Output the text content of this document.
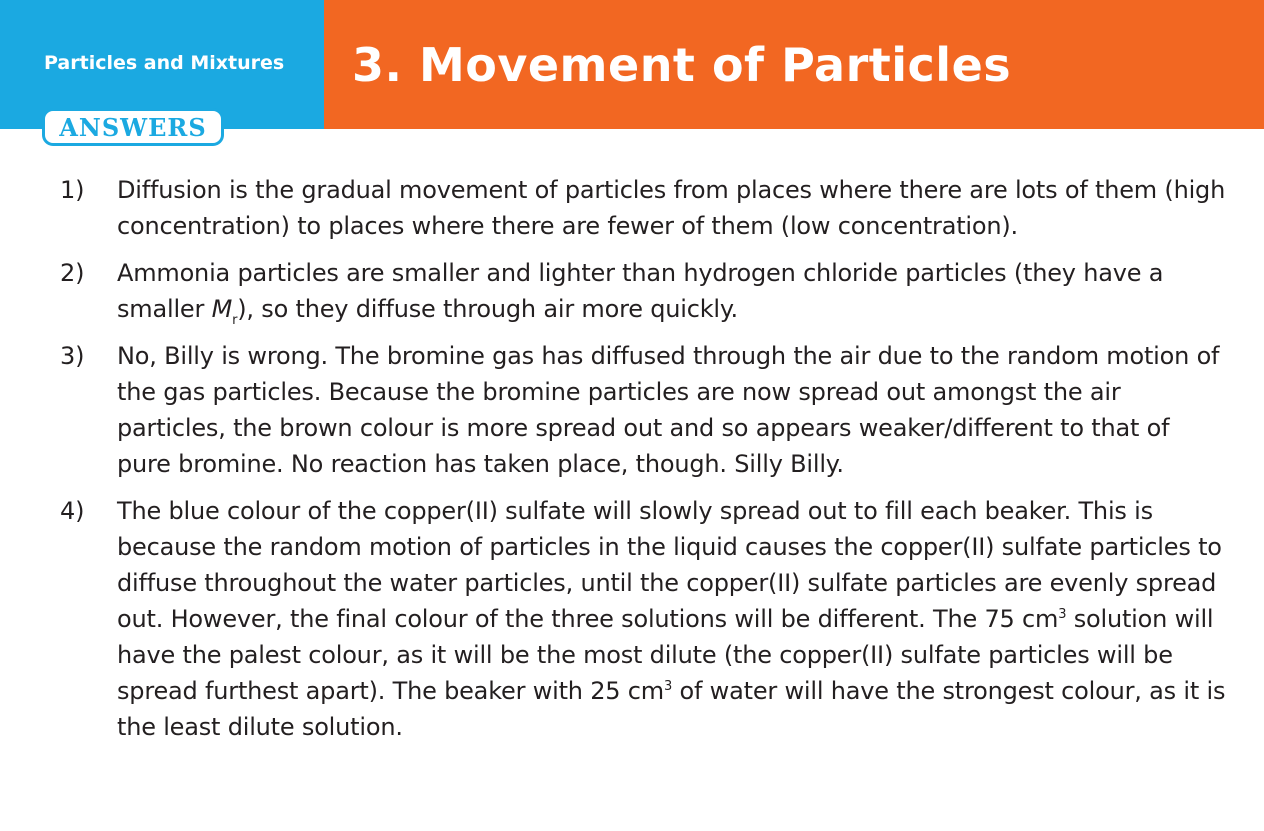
Particles and Mixtures
ANSWERS
3. Movement of Particles
1) Diffusion is the gradual movement of particles from places where there are lots of them (high concentration) to places where there are fewer of them (low concentration).
2) Ammonia particles are smaller and lighter than hydrogen chloride particles (they have a smaller $M_r$), so they diffuse through air more quickly.
3) No, Billy is wrong. The bromine gas has diffused through the air due to the random motion of the gas particles. Because the bromine particles are now spread out amongst the air particles, the brown colour is more spread out and so appears weaker/different to that of pure bromine. No reaction has taken place, though. Silly Billy.
4) The blue colour of the copper(II) sulfate will slowly spread out to fill each beaker. This is because the random motion of particles in the liquid causes the copper(II) sulfate particles to diffuse throughout the water particles, until the copper(II) sulfate particles are evenly spread out. However, the final colour of the three solutions will be different. The 75 $cm^3$ solution will have the palest colour, as it will be the most dilute (the copper(II) sulfate particles will be spread furthest apart). The beaker with 25 $cm^3$ of water will have the strongest colour, as it is the least dilute solution.
